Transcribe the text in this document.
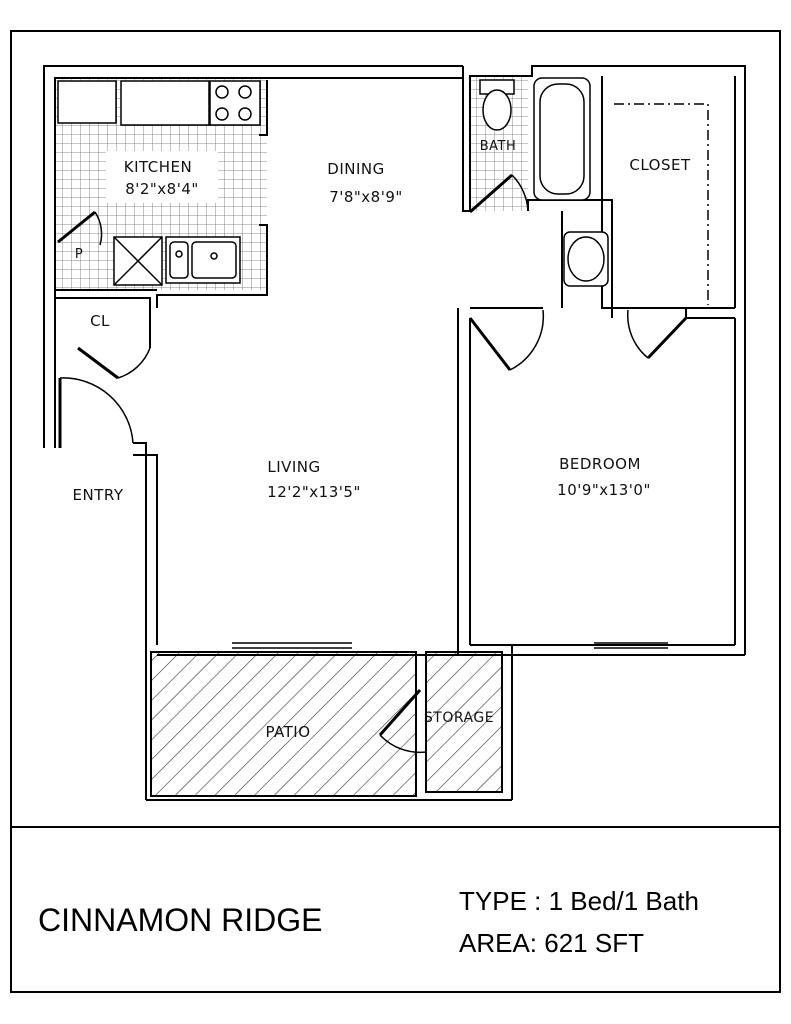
KITCHEN
8'2"x8'4"
DINING
7'8"x8'9"
BATH
CLOSET
P
CL
LIVING
12'2"x13'5"
BEDROOM
10'9"x13'0"
ENTRY
PATIO
STORAGE
CINNAMON RIDGE
TYPE : 1 Bed/1 Bath
AREA: 621 SFT
